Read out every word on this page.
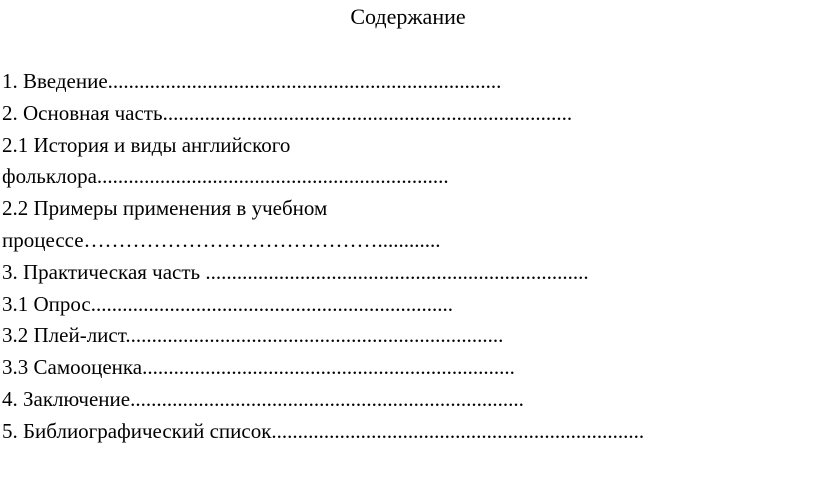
Содержание
1. Введение...........................................................................
2. Основная часть..............................................................................
2.1 История и виды английского
фольклора...................................................................
2.2 Примеры применения в учебном
процессе……………………………………............
3. Практическая часть .........................................................................
3.1 Опрос.....................................................................
3.2 Плей-лист........................................................................
3.3 Самооценка.......................................................................
4. Заключение...........................................................................
5. Библиографический список.......................................................................
